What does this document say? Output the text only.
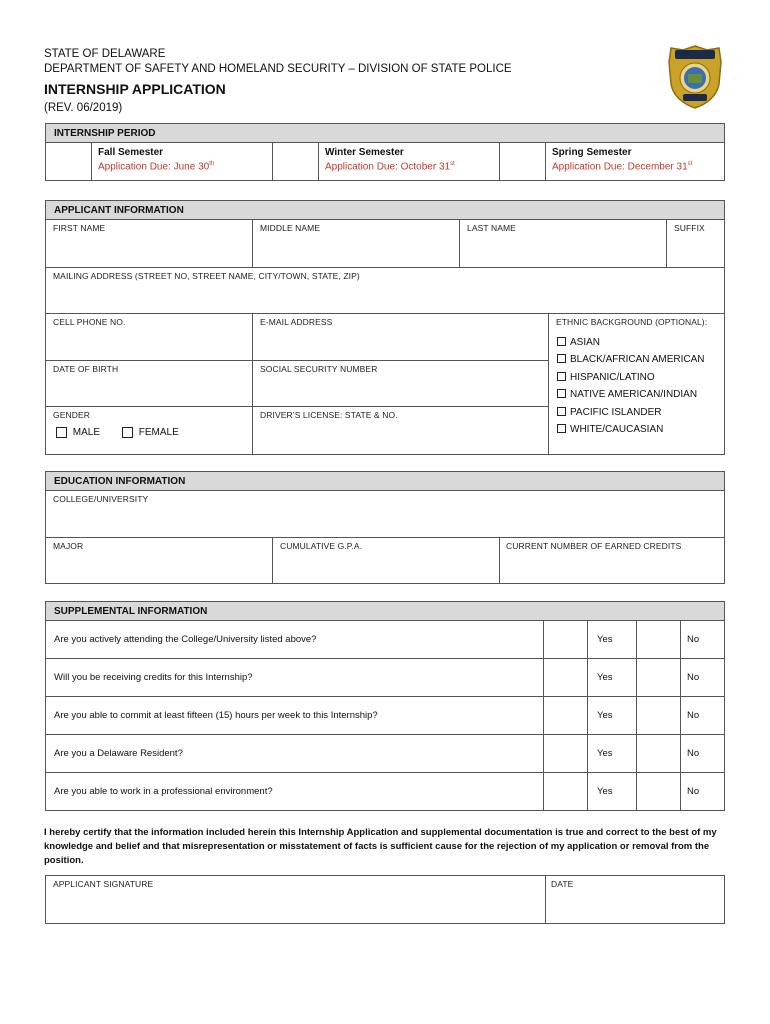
STATE OF DELAWARE
DEPARTMENT OF SAFETY AND HOMELAND SECURITY – DIVISION OF STATE POLICE
INTERNSHIP APPLICATION
(REV. 06/2019)
INTERNSHIP PERIOD
Fall Semester
Application Due: June 30th
Winter Semester
Application Due: October 31st
Spring Semester
Application Due: December 31st
APPLICANT INFORMATION
FIRST NAME	MIDDLE NAME	LAST NAME	SUFFIX
MAILING ADDRESS (STREET NO, STREET NAME, CITY/TOWN, STATE, ZIP)
CELL PHONE NO.	E-MAIL ADDRESS	ETHNIC BACKGROUND (OPTIONAL):
DATE OF BIRTH	SOCIAL SECURITY NUMBER
GENDER
MALE	FEMALE
DRIVER’S LICENSE: STATE & NO.
ASIAN
BLACK/AFRICAN AMERICAN
HISPANIC/LATINO
NATIVE AMERICAN/INDIAN
PACIFIC ISLANDER
WHITE/CAUCASIAN
EDUCATION INFORMATION
COLLEGE/UNIVERSITY
MAJOR	CUMULATIVE G.P.A.	CURRENT NUMBER OF EARNED CREDITS
SUPPLEMENTAL INFORMATION
Are you actively attending the College/University listed above?	Yes	No
Will you be receiving credits for this Internship?	Yes	No
Are you able to commit at least fifteen (15) hours per week to this Internship?	Yes	No
Are you a Delaware Resident?	Yes	No
Are you able to work in a professional environment?	Yes	No
I hereby certify that the information included herein this Internship Application and supplemental documentation is true and correct to the best of my knowledge and belief and that misrepresentation or misstatement of facts is sufficient cause for the rejection of my application or removal from the position.
APPLICANT SIGNATURE	DATE
